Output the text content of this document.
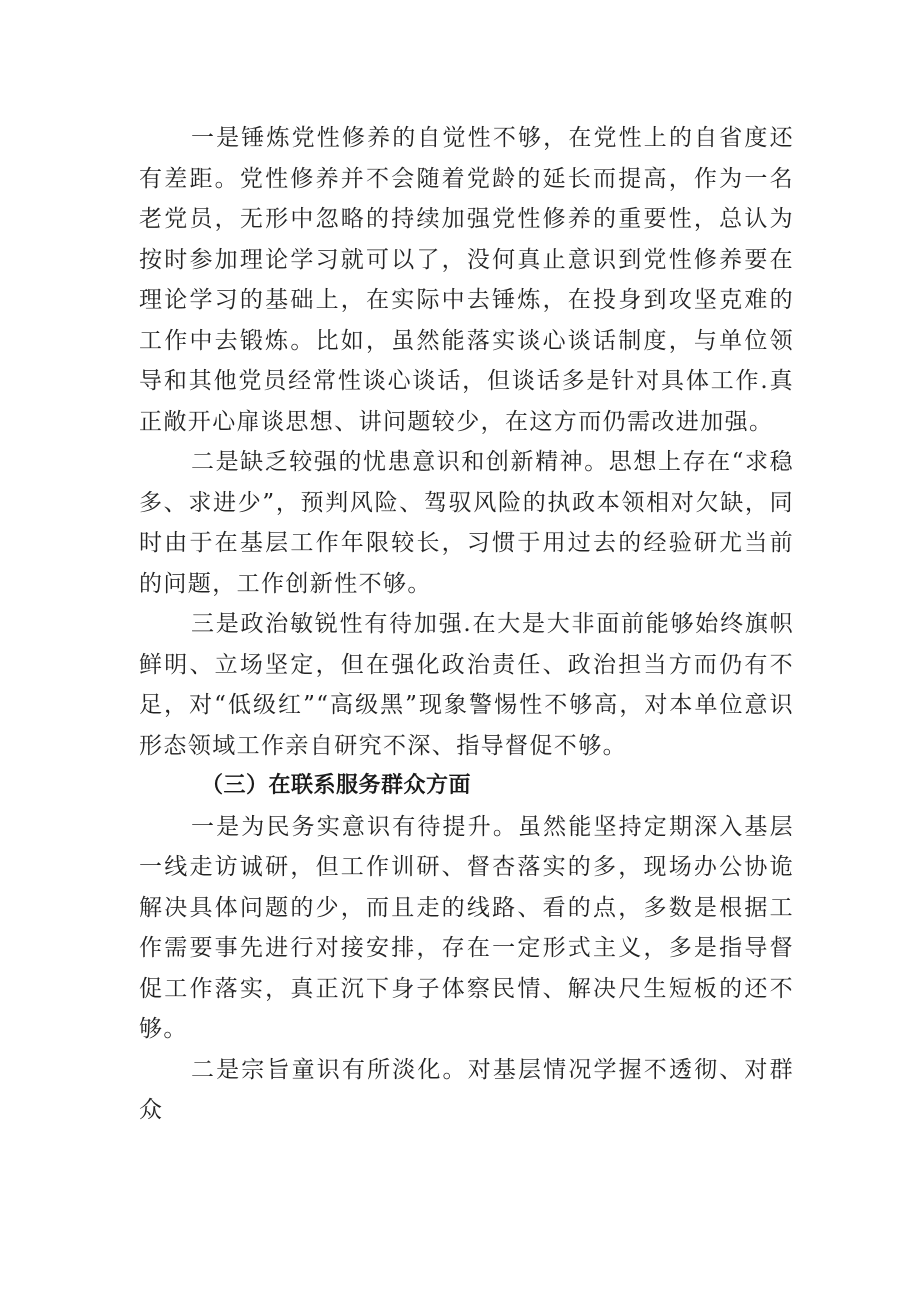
一是锤炼党性修养的自觉性不够，在党性上的自省度还有差距。党性修养并不会随着党龄的延长而提高，作为一名老党员，无形中忽略的持续加强党性修养的重要性，总认为按时参加理论学习就可以了，没何真止意识到党性修养要在理论学习的基础上，在实际中去锤炼，在投身到攻坚克难的工作中去锻炼。比如，虽然能落实谈心谈话制度，与单位领导和其他党员经常性谈心谈话，但谈话多是针对具体工作.真正敞开心扉谈思想、讲问题较少，在这方而仍需改进加强。

二是缺乏较强的忧患意识和创新精神。思想上存在“求稳多、求进少”，预判风险、驾驭风险的执政本领相对欠缺，同时由于在基层工作年限较长，习惯于用过去的经验研尤当前的问题，工作创新性不够。

三是政治敏锐性有待加强.在大是大非面前能够始终旗帜鲜明、立场坚定，但在强化政治责任、政治担当方而仍有不足，对“低级红”“高级黑”现象警惕性不够高，对本单位意识形态领域工作亲自研究不深、指导督促不够。

（三）在联系服务群众方面

一是为民务实意识有待提升。虽然能坚持定期深入基层一线走访诚研，但工作训研、督杏落实的多，现场办公协诡解决具体问题的少，而且走的线路、看的点，多数是根据工作需要事先进行对接安排，存在一定形式主义，多是指导督促工作落实，真正沉下身子体察民情、解决尺生短板的还不够。

二是宗旨童识有所淡化。对基层情况学握不透彻、对群众
